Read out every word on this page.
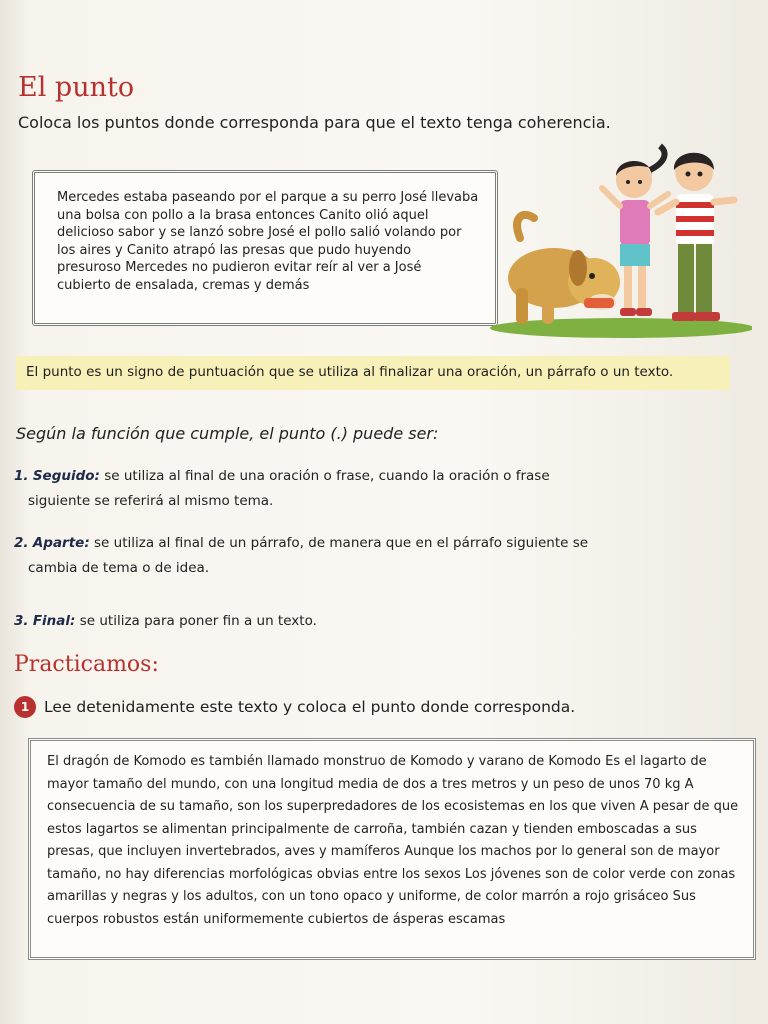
El punto

Coloca los puntos donde corresponda para que el texto tenga coherencia.

Mercedes estaba paseando por el parque a su perro José llevaba una bolsa con pollo a la brasa entonces Canito olió aquel delicioso sabor y se lanzó sobre José el pollo salió volando por los aires y Canito atrapó las presas que pudo huyendo presuroso Mercedes no pudieron evitar reír al ver a José cubierto de ensalada, cremas y demás

El punto es un signo de puntuación que se utiliza al finalizar una oración, un párrafo o un texto.

Según la función que cumple, el punto (.) puede ser:

1. Seguido: se utiliza al final de una oración o frase, cuando la oración o frase
siguiente se referirá al mismo tema.

2. Aparte: se utiliza al final de un párrafo, de manera que en el párrafo siguiente se
cambia de tema o de idea.

3. Final: se utiliza para poner fin a un texto.

Practicamos:
1 Lee detenidamente este texto y coloca el punto donde corresponda.

El dragón de Komodo es también llamado monstruo de Komodo y varano de Komodo Es el lagarto de mayor tamaño del mundo, con una longitud media de dos a tres metros y un peso de unos 70 kg A consecuencia de su tamaño, son los superpredadores de los ecosistemas en los que viven A pesar de que estos lagartos se alimentan principalmente de carroña, también cazan y tienden emboscadas a sus presas, que incluyen invertebrados, aves y mamíferos Aunque los machos por lo general son de mayor tamaño, no hay diferencias morfológicas obvias entre los sexos Los jóvenes son de color verde con zonas amarillas y negras y los adultos, con un tono opaco y uniforme, de color marrón a rojo grisáceo Sus cuerpos robustos están uniformemente cubiertos de ásperas escamas
